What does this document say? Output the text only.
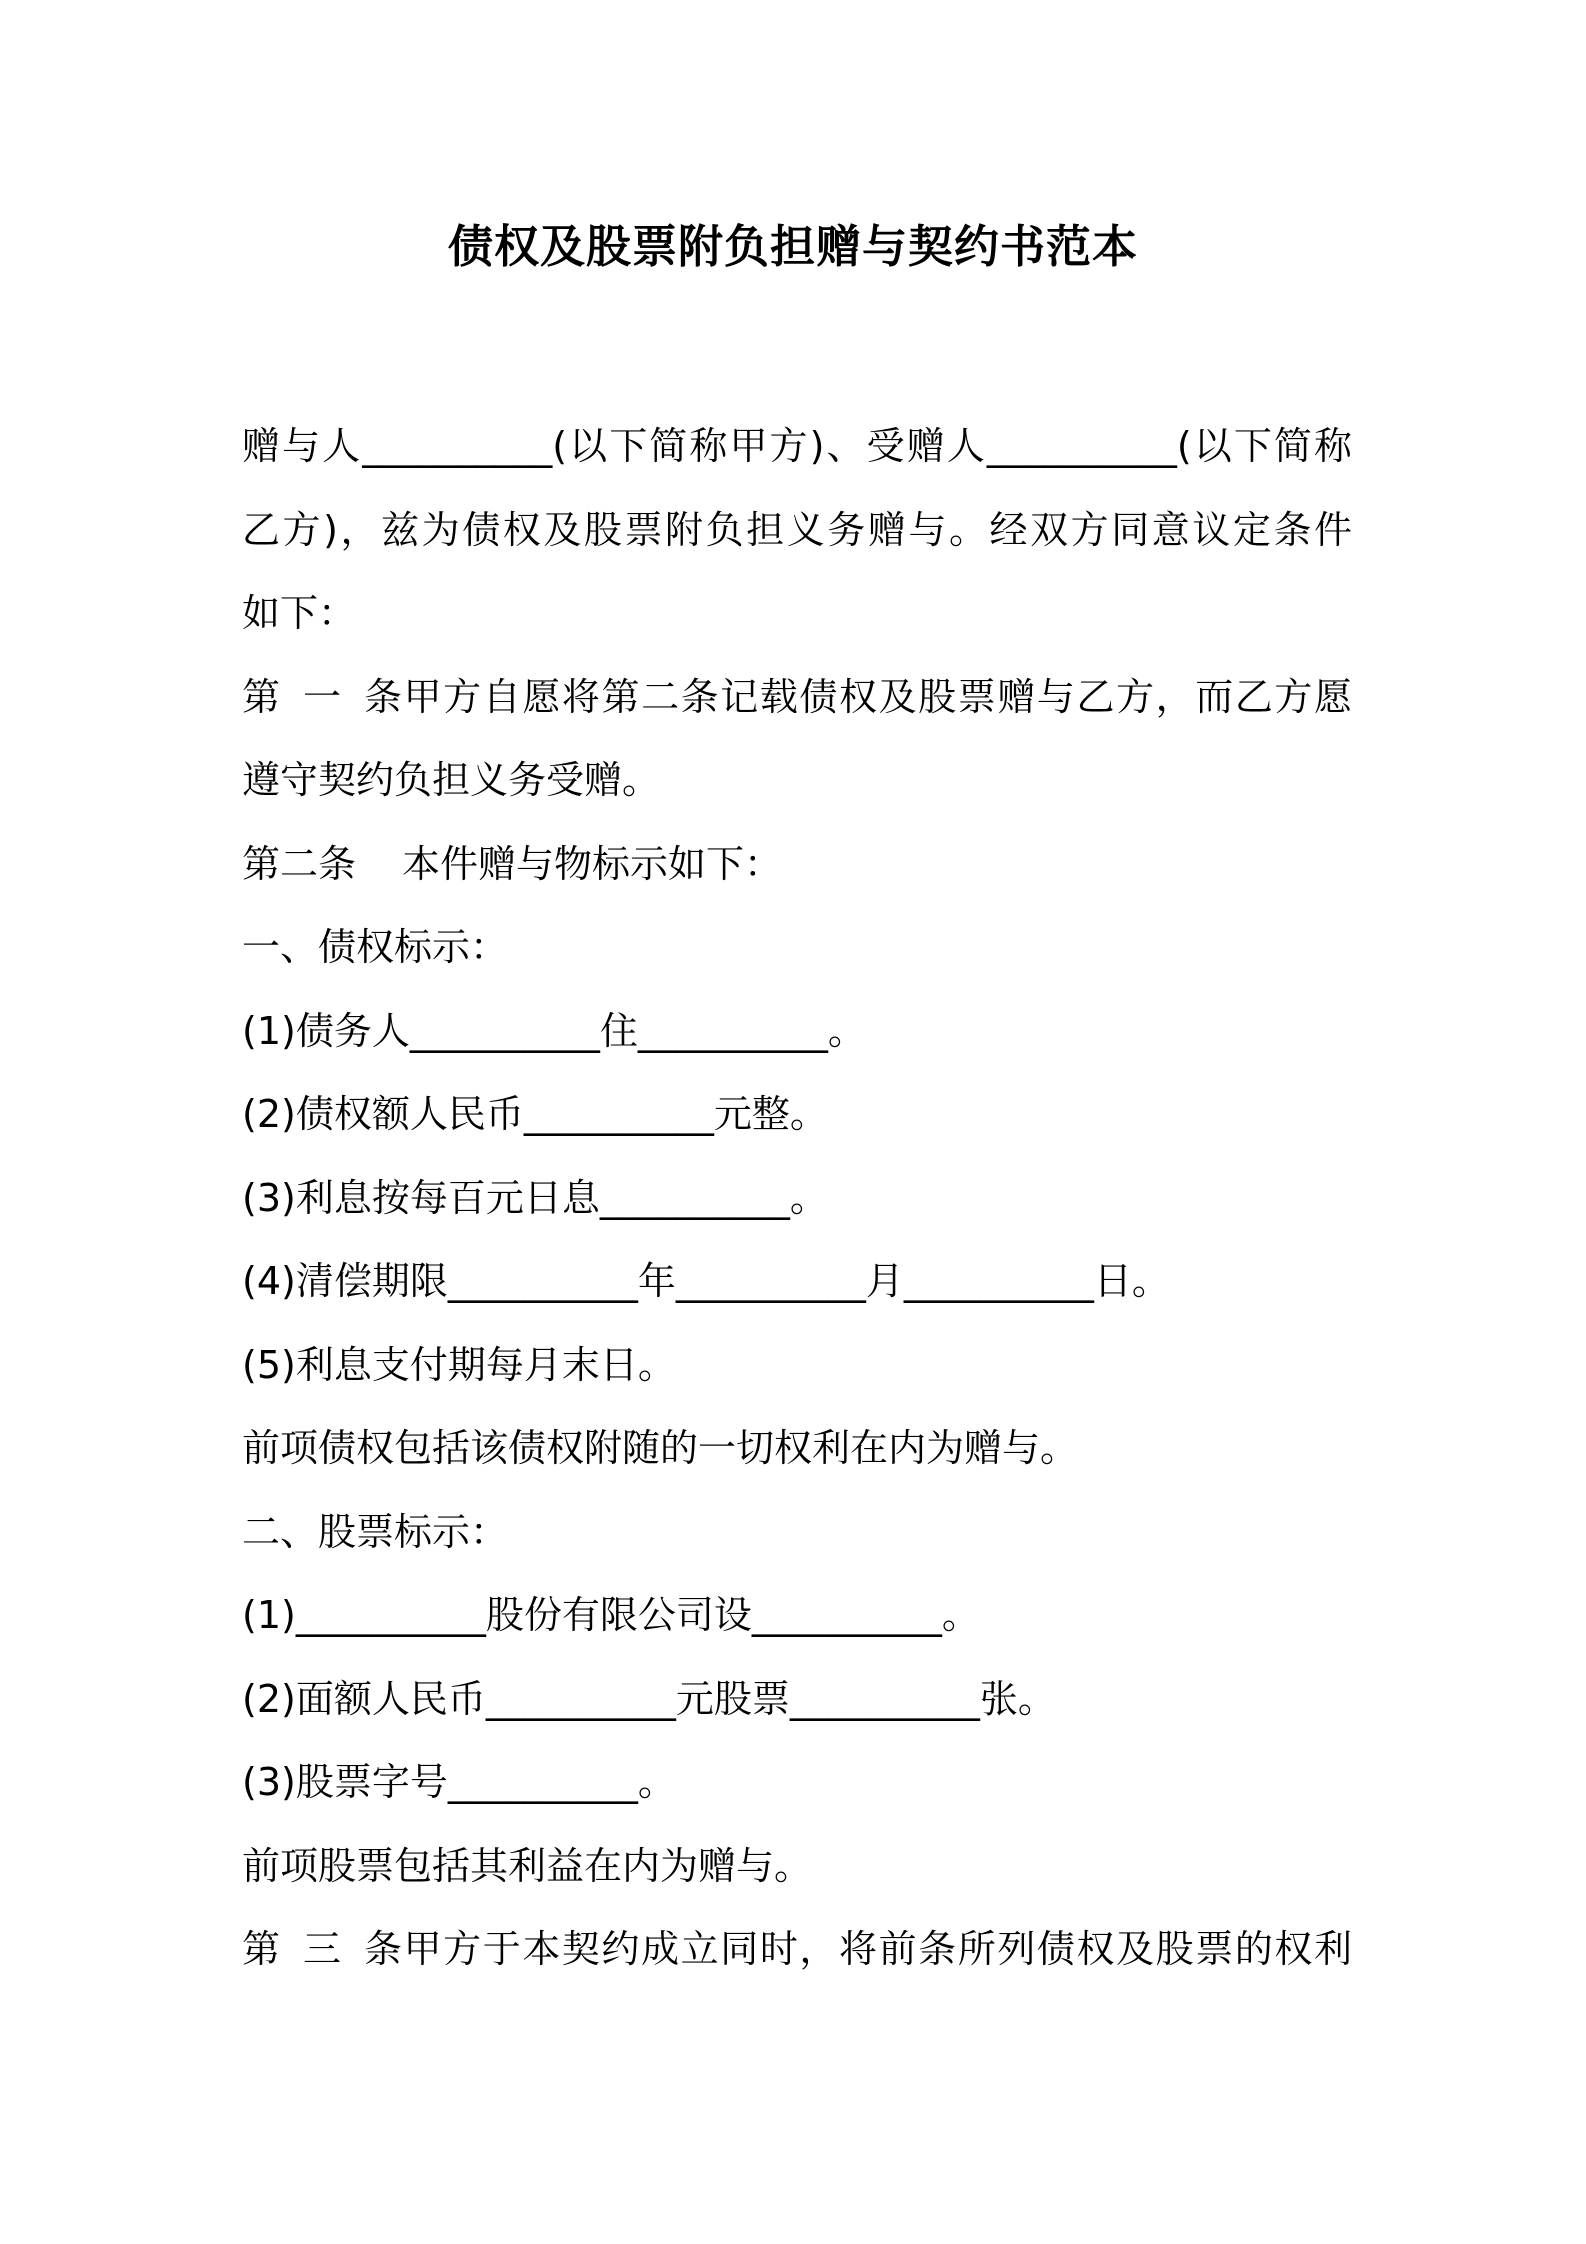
债权及股票附负担赠与契约书范本
赠与人__________(以下简称甲方)、受赠人__________(以下简称
乙方)，兹为债权及股票附负担义务赠与。经双方同意议定条件
如下：
第一条甲方自愿将第二条记载债权及股票赠与乙方，而乙方愿
遵守契约负担义务受赠。
第二条 本件赠与物标示如下：
一、债权标示：
(1)债务人__________住__________。
(2)债权额人民币__________元整。
(3)利息按每百元日息__________。
(4)清偿期限__________年__________月__________日。
(5)利息支付期每月末日。
前项债权包括该债权附随的一切权利在内为赠与。
二、股票标示：
(1)__________股份有限公司设__________。
(2)面额人民币__________元股票__________张。
(3)股票字号__________。
前项股票包括其利益在内为赠与。
第三条甲方于本契约成立同时，将前条所列债权及股票的权利
